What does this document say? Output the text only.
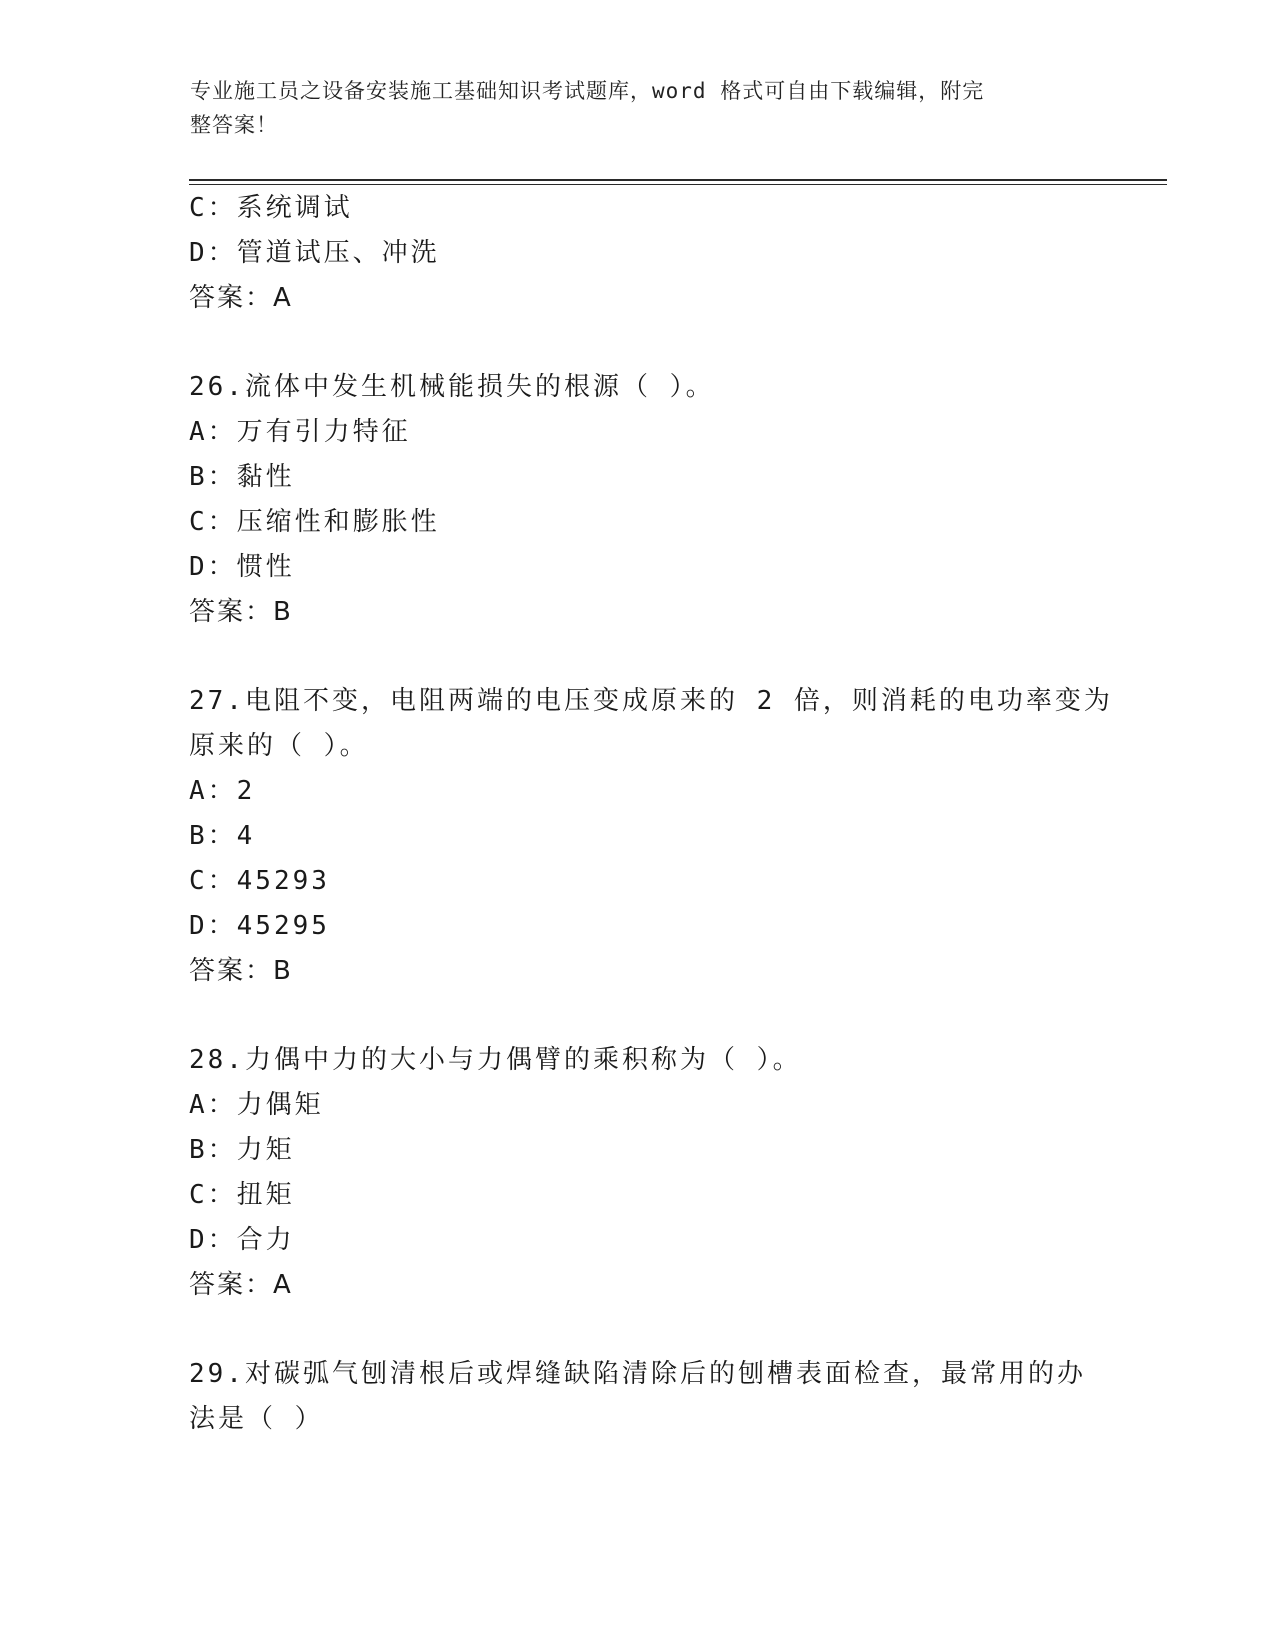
专业施工员之设备安装施工基础知识考试题库，word 格式可自由下载编辑，附完
整答案！
C：系统调试
D：管道试压、冲洗
答案：A
26.流体中发生机械能损失的根源（ ）。
A：万有引力特征
B：黏性
C：压缩性和膨胀性
D：惯性
答案：B
27.电阻不变，电阻两端的电压变成原来的 2 倍，则消耗的电功率变为
原来的（ ）。
A：2
B：4
C：45293
D：45295
答案：B
28.力偶中力的大小与力偶臂的乘积称为（ ）。
A：力偶矩
B：力矩
C：扭矩
D：合力
答案：A
29.对碳弧气刨清根后或焊缝缺陷清除后的刨槽表面检查，最常用的办
法是（ ）
